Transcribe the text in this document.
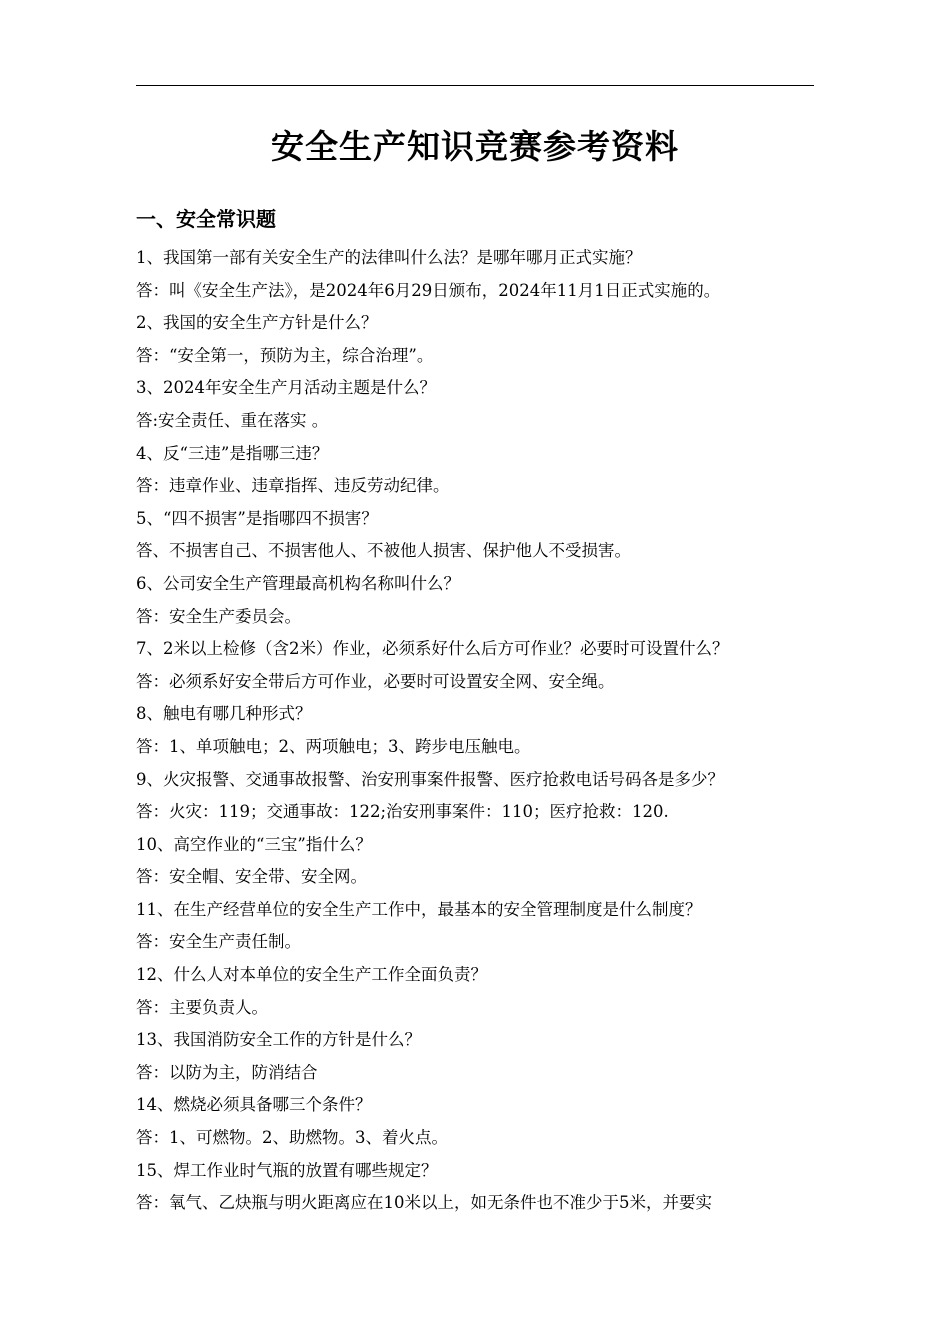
安全生产知识竞赛参考资料
一、安全常识题
1、我国第一部有关安全生产的法律叫什么法？是哪年哪月正式实施？
答：叫《安全生产法》，是2024年6月29日颁布，2024年11月1日正式实施的。
2、我国的安全生产方针是什么？
答：“安全第一，预防为主，综合治理”。
3、2024年安全生产月活动主题是什么？
答:安全责任、重在落实 。
4、反“三违”是指哪三违？
答：违章作业、违章指挥、违反劳动纪律。
5、“四不损害”是指哪四不损害？
答、不损害自己、不损害他人、不被他人损害、保护他人不受损害。
6、公司安全生产管理最高机构名称叫什么？
答：安全生产委员会。
7、2米以上检修（含2米）作业，必须系好什么后方可作业？必要时可设置什么？
答：必须系好安全带后方可作业，必要时可设置安全网、安全绳。
8、触电有哪几种形式？
答：1、单项触电；2、两项触电；3、跨步电压触电。
9、火灾报警、交通事故报警、治安刑事案件报警、医疗抢救电话号码各是多少？
答：火灾：119；交通事故：122;治安刑事案件：110；医疗抢救：120.
10、高空作业的“三宝”指什么？
答：安全帽、安全带、安全网。
11、在生产经营单位的安全生产工作中，最基本的安全管理制度是什么制度？
答：安全生产责任制。
12、什么人对本单位的安全生产工作全面负责？
答：主要负责人。
13、我国消防安全工作的方针是什么？
答：以防为主，防消结合
14、燃烧必须具备哪三个条件？
答：1、可燃物。2、助燃物。3、着火点。
15、焊工作业时气瓶的放置有哪些规定？
答：氧气、乙炔瓶与明火距离应在10米以上，如无条件也不准少于5米，并要实
